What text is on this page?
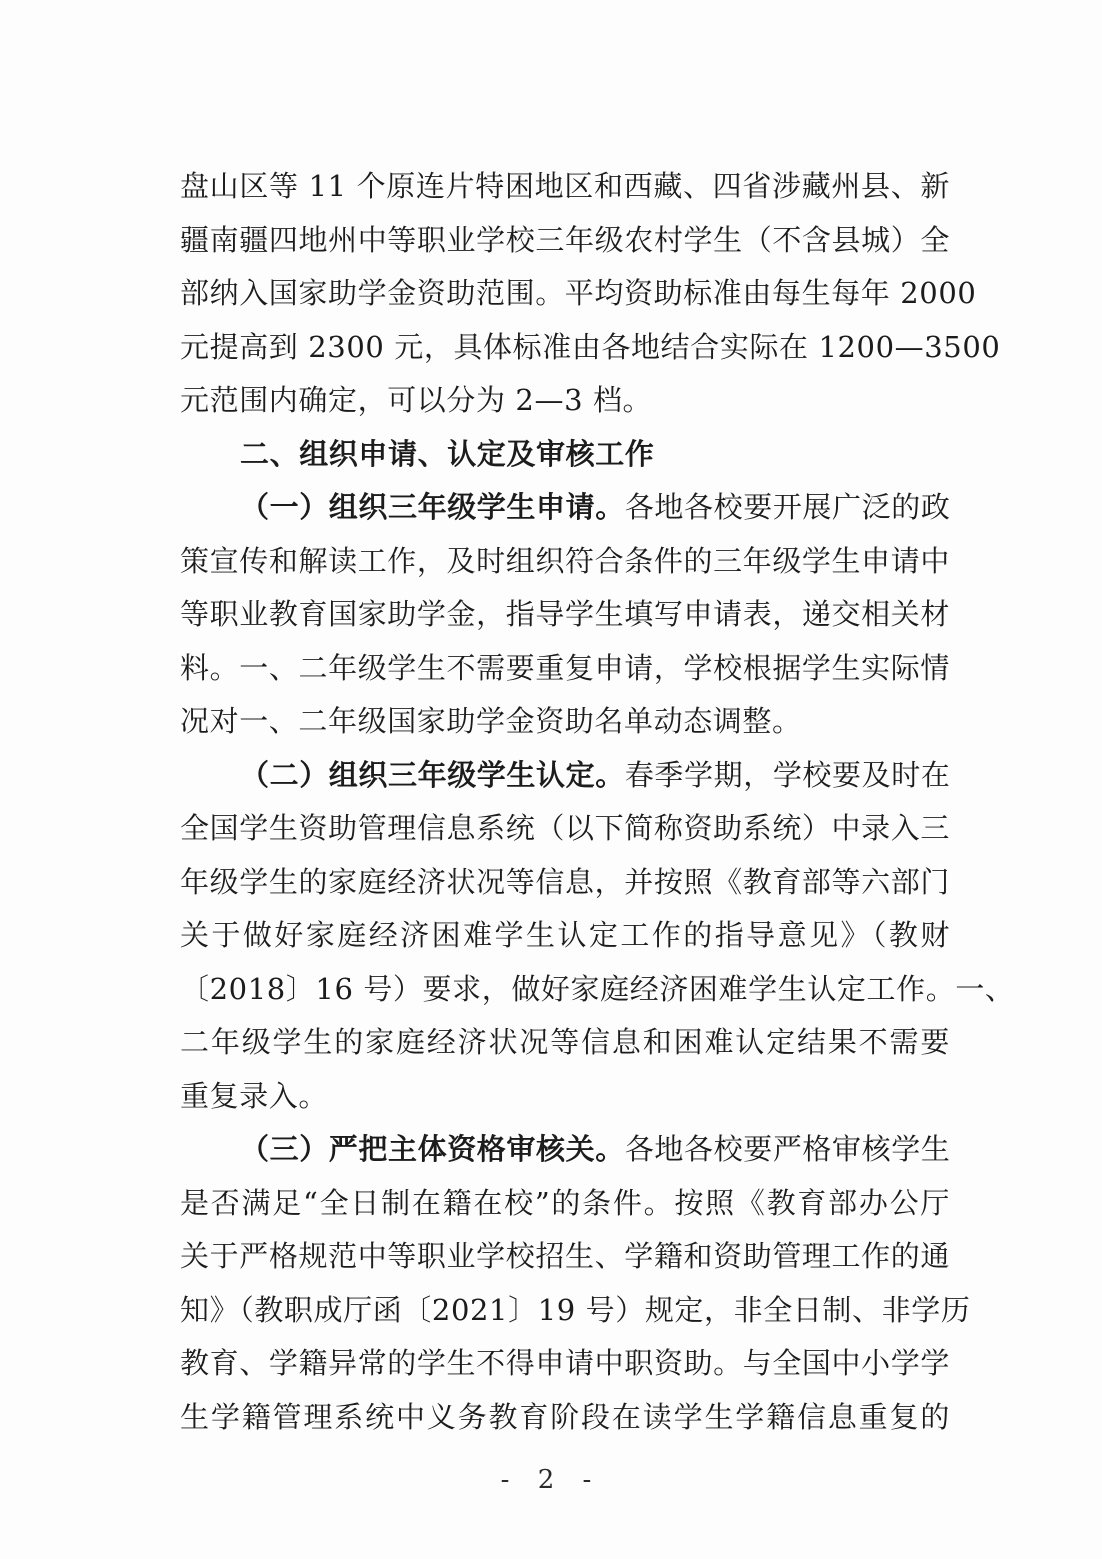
盘山区等 11 个原连片特困地区和西藏、四省涉藏州县、新
疆南疆四地州中等职业学校三年级农村学生（不含县城）全
部纳入国家助学金资助范围。平均资助标准由每生每年 2000
元提高到 2300 元，具体标准由各地结合实际在 1200—3500
元范围内确定，可以分为 2—3 档。
二、组织申请、认定及审核工作
（一）组织三年级学生申请。各地各校要开展广泛的政
策宣传和解读工作，及时组织符合条件的三年级学生申请中
等职业教育国家助学金，指导学生填写申请表，递交相关材
料。一、二年级学生不需要重复申请，学校根据学生实际情
况对一、二年级国家助学金资助名单动态调整。
（二）组织三年级学生认定。春季学期，学校要及时在
全国学生资助管理信息系统（以下简称资助系统）中录入三
年级学生的家庭经济状况等信息，并按照《教育部等六部门
关于做好家庭经济困难学生认定工作的指导意见》（教财
〔2018〕16 号）要求，做好家庭经济困难学生认定工作。一、
二年级学生的家庭经济状况等信息和困难认定结果不需要
重复录入。
（三）严把主体资格审核关。各地各校要严格审核学生
是否满足“全日制在籍在校”的条件。按照《教育部办公厅
关于严格规范中等职业学校招生、学籍和资助管理工作的通
知》（教职成厅函〔2021〕19 号）规定，非全日制、非学历
教育、学籍异常的学生不得申请中职资助。与全国中小学学
生学籍管理系统中义务教育阶段在读学生学籍信息重复的
- 2 -
